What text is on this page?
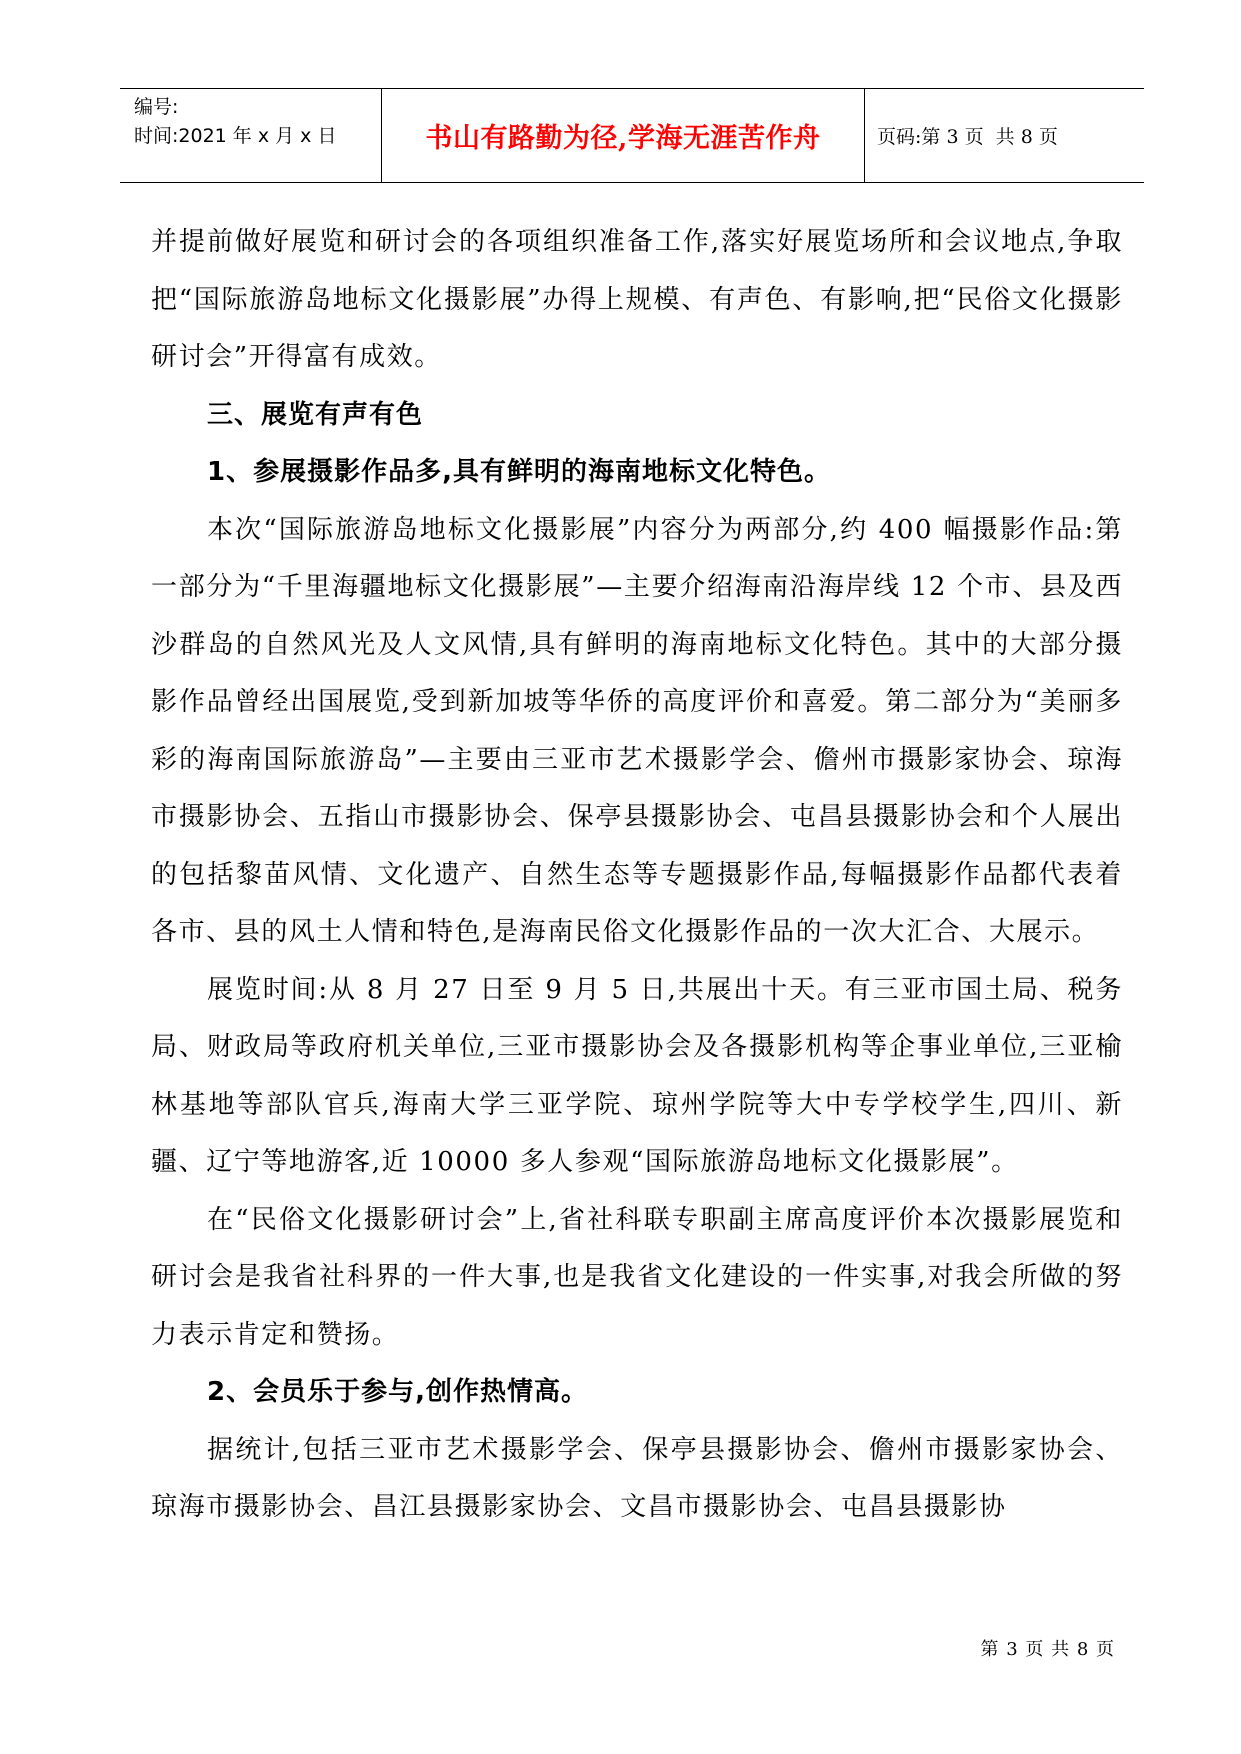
编号:
时间:2021 年 x 月 x 日	书山有路勤为径,学海无涯苦作舟	页码:第 3 页  共 8 页

并提前做好展览和研讨会的各项组织准备工作,落实好展览场所和会议地点,争取把“国际旅游岛地标文化摄影展”办得上规模、有声色、有影响,把“民俗文化摄影研讨会”开得富有成效。

三、展览有声有色

1、参展摄影作品多,具有鲜明的海南地标文化特色。

本次“国际旅游岛地标文化摄影展”内容分为两部分,约 400 幅摄影作品:第一部分为“千里海疆地标文化摄影展”—主要介绍海南沿海岸线 12 个市、县及西沙群岛的自然风光及人文风情,具有鲜明的海南地标文化特色。其中的大部分摄影作品曾经出国展览,受到新加坡等华侨的高度评价和喜爱。第二部分为“美丽多彩的海南国际旅游岛”—主要由三亚市艺术摄影学会、儋州市摄影家协会、琼海市摄影协会、五指山市摄影协会、保亭县摄影协会、屯昌县摄影协会和个人展出的包括黎苗风情、文化遗产、自然生态等专题摄影作品,每幅摄影作品都代表着各市、县的风土人情和特色,是海南民俗文化摄影作品的一次大汇合、大展示。

展览时间:从 8 月 27 日至 9 月 5 日,共展出十天。有三亚市国土局、税务局、财政局等政府机关单位,三亚市摄影协会及各摄影机构等企事业单位,三亚榆林基地等部队官兵,海南大学三亚学院、琼州学院等大中专学校学生,四川、新疆、辽宁等地游客,近 10000 多人参观“国际旅游岛地标文化摄影展”。

在“民俗文化摄影研讨会”上,省社科联专职副主席高度评价本次摄影展览和研讨会是我省社科界的一件大事,也是我省文化建设的一件实事,对我会所做的努力表示肯定和赞扬。

2、会员乐于参与,创作热情高。

据统计,包括三亚市艺术摄影学会、保亭县摄影协会、儋州市摄影家协会、琼海市摄影协会、昌江县摄影家协会、文昌市摄影协会、屯昌县摄影协

第 3 页 共 8 页
